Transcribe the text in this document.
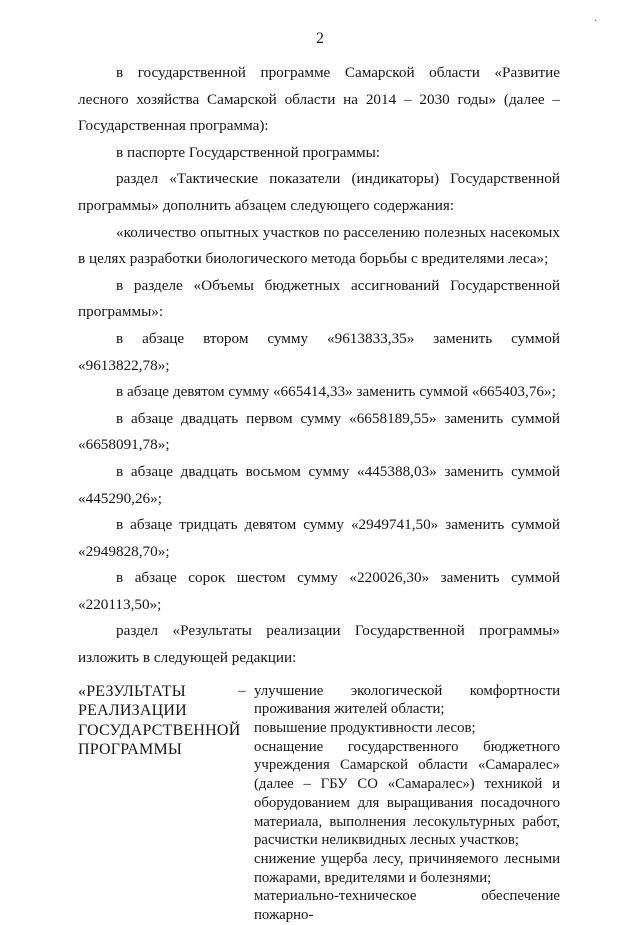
.
2

в государственной программе Самарской области «Развитие лесного хозяйства Самарской области на 2014 – 2030 годы» (далее – Государственная программа):

в паспорте Государственной программы:

раздел «Тактические показатели (индикаторы) Государственной программы» дополнить абзацем следующего содержания:

«количество опытных участков по расселению полезных насекомых в целях разработки биологического метода борьбы с вредителями леса»;

в разделе «Объемы бюджетных ассигнований Государственной программы»:

в абзаце втором сумму «9613833,35» заменить суммой «9613822,78»;

в абзаце девятом сумму «665414,33» заменить суммой «665403,76»;

в абзаце двадцать первом сумму «6658189,55» заменить суммой «6658091,78»;

в абзаце двадцать восьмом сумму «445388,03» заменить суммой «445290,26»;

в абзаце тридцать девятом сумму «2949741,50» заменить суммой «2949828,70»;

в абзаце сорок шестом сумму «220026,30» заменить суммой «220113,50»;

раздел «Результаты реализации Государственной программы» изложить в следующей редакции:

«РЕЗУЛЬТАТЫ
РЕАЛИЗАЦИИ
ГОСУДАРСТВЕННОЙ
ПРОГРАММЫ
– улучшение экологической комфортности проживания жителей области;
повышение продуктивности лесов;
оснащение государственного бюджетного учреждения Самарской области «Самаралес» (далее – ГБУ СО «Самаралес») техникой и оборудованием для выращивания посадочного материала, выполнения лесокультурных работ, расчистки неликвидных лесных участков;
снижение ущерба лесу, причиняемого лесными пожарами, вредителями и болезнями;
материально-техническое обеспечение пожарно-
